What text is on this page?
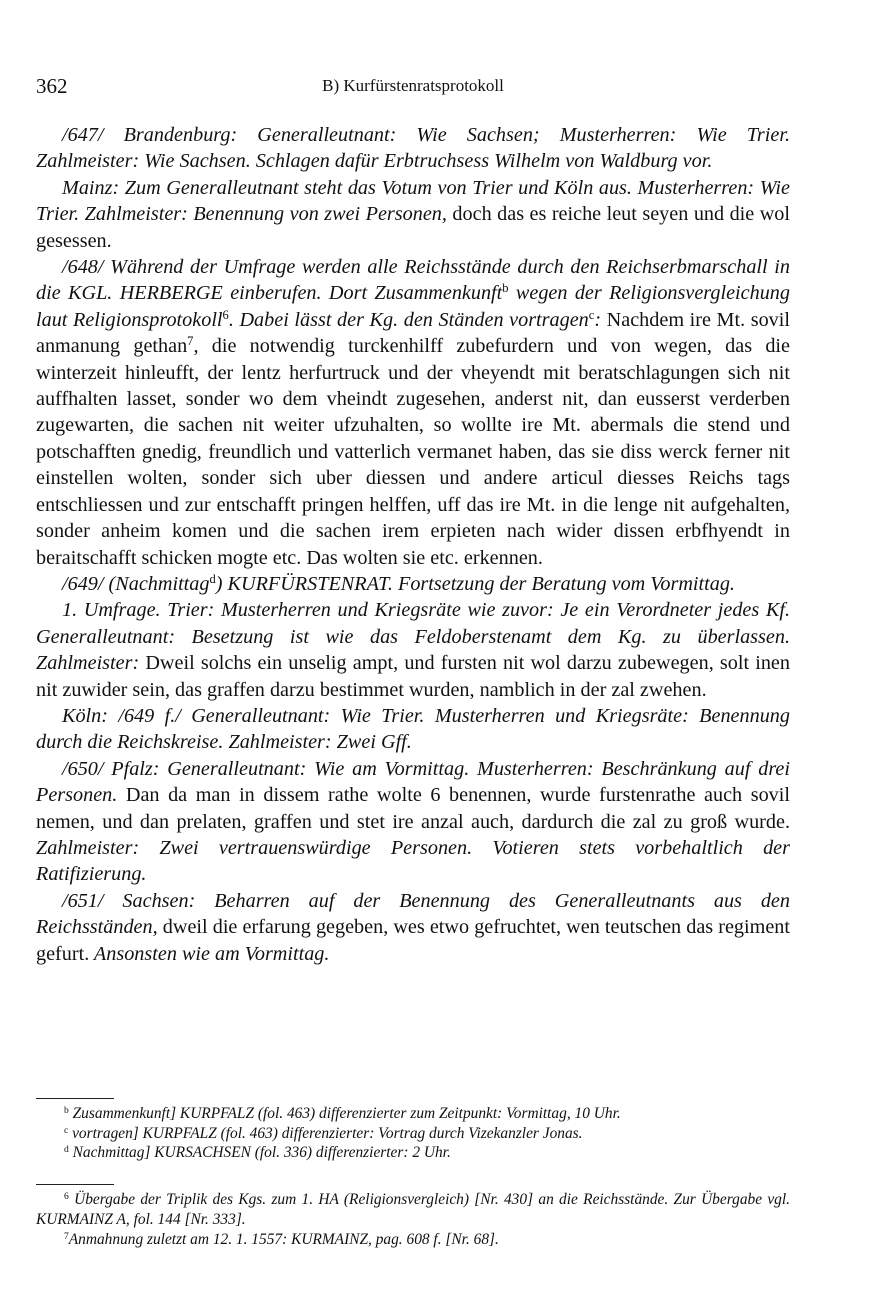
362	B) Kurfürstenratsprotokoll

/647/ Brandenburg: Generalleutnant: Wie Sachsen; Musterherren: Wie Trier. Zahlmeister: Wie Sachsen. Schlagen dafür Erbtruchsess Wilhelm von Waldburg vor.

Mainz: Zum Generalleutnant steht das Votum von Trier und Köln aus. Musterherren: Wie Trier. Zahlmeister: Benennung von zwei Personen, doch das es reiche leut seyen und die wol gesessen.

/648/ Während der Umfrage werden alle Reichsstände durch den Reichserbmarschall in die KGL. HERBERGE einberufen. Dort Zusammenkunft$^b$ wegen der Religionsvergleichung laut Religionsprotokoll$^6$. Dabei lässt der Kg. den Ständen vortragen$^c$: Nachdem ire Mt. sovil anmanung gethan$^7$, die notwendig turckenhilff zubefurdern und von wegen, das die winterzeit hinleufft, der lentz herfurtruck und der vheyendt mit beratschlagungen sich nit auffhalten lasset, sonder wo dem vheindt zugesehen, anderst nit, dan eusserst verderben zugewarten, die sachen nit weiter ufzuhalten, so wollte ire Mt. abermals die stend und potschafften gnedig, freundlich und vatterlich vermanet haben, das sie diss werck ferner nit einstellen wolten, sonder sich uber diessen und andere articul diesses Reichs tags entschliessen und zur entschafft pringen helffen, uff das ire Mt. in die lenge nit aufgehalten, sonder anheim komen und die sachen irem erpieten nach wider dissen erbfhyendt in beraitschafft schicken mogte etc. Das wolten sie etc. erkennen.

/649/ (Nachmittag$^d$) KURFÜRSTENRAT. Fortsetzung der Beratung vom Vormittag.

1. Umfrage. Trier: Musterherren und Kriegsräte wie zuvor: Je ein Verordneter jedes Kf. Generalleutnant: Besetzung ist wie das Feldoberstenamt dem Kg. zu überlassen. Zahlmeister: Dweil solchs ein unselig ampt, und fursten nit wol darzu zubewegen, solt inen nit zuwider sein, das graffen darzu bestimmet wurden, namblich in der zal zwehen.

Köln: /649 f./ Generalleutnant: Wie Trier. Musterherren und Kriegsräte: Benennung durch die Reichskreise. Zahlmeister: Zwei Gff.

/650/ Pfalz: Generalleutnant: Wie am Vormittag. Musterherren: Beschränkung auf drei Personen. Dan da man in dissem rathe wolte 6 benennen, wurde furstenrathe auch sovil nemen, und dan prelaten, graffen und stet ire anzal auch, dardurch die zal zu groß wurde. Zahlmeister: Zwei vertrauenswürdige Personen. Votieren stets vorbehaltlich der Ratifizierung.

/651/ Sachsen: Beharren auf der Benennung des Generalleutnants aus den Reichsständen, dweil die erfarung gegeben, wes etwo gefruchtet, wen teutschen das regiment gefurt. Ansonsten wie am Vormittag.

$^b$ Zusammenkunft] KURPFALZ (fol. 463) differenzierter zum Zeitpunkt: Vormittag, 10 Uhr.

$^c$ vortragen] KURPFALZ (fol. 463) differenzierter: Vortrag durch Vizekanzler Jonas.

$^d$ Nachmittag] KURSACHSEN (fol. 336) differenzierter: 2 Uhr.

$^6$ Übergabe der Triplik des Kgs. zum 1. HA (Religionsvergleich) [Nr. 430] an die Reichsstände. Zur Übergabe vgl. KURMAINZ A, fol. 144 [Nr. 333].

$^7$Anmahnung zuletzt am 12. 1. 1557: KURMAINZ, pag. 608 f. [Nr. 68].
